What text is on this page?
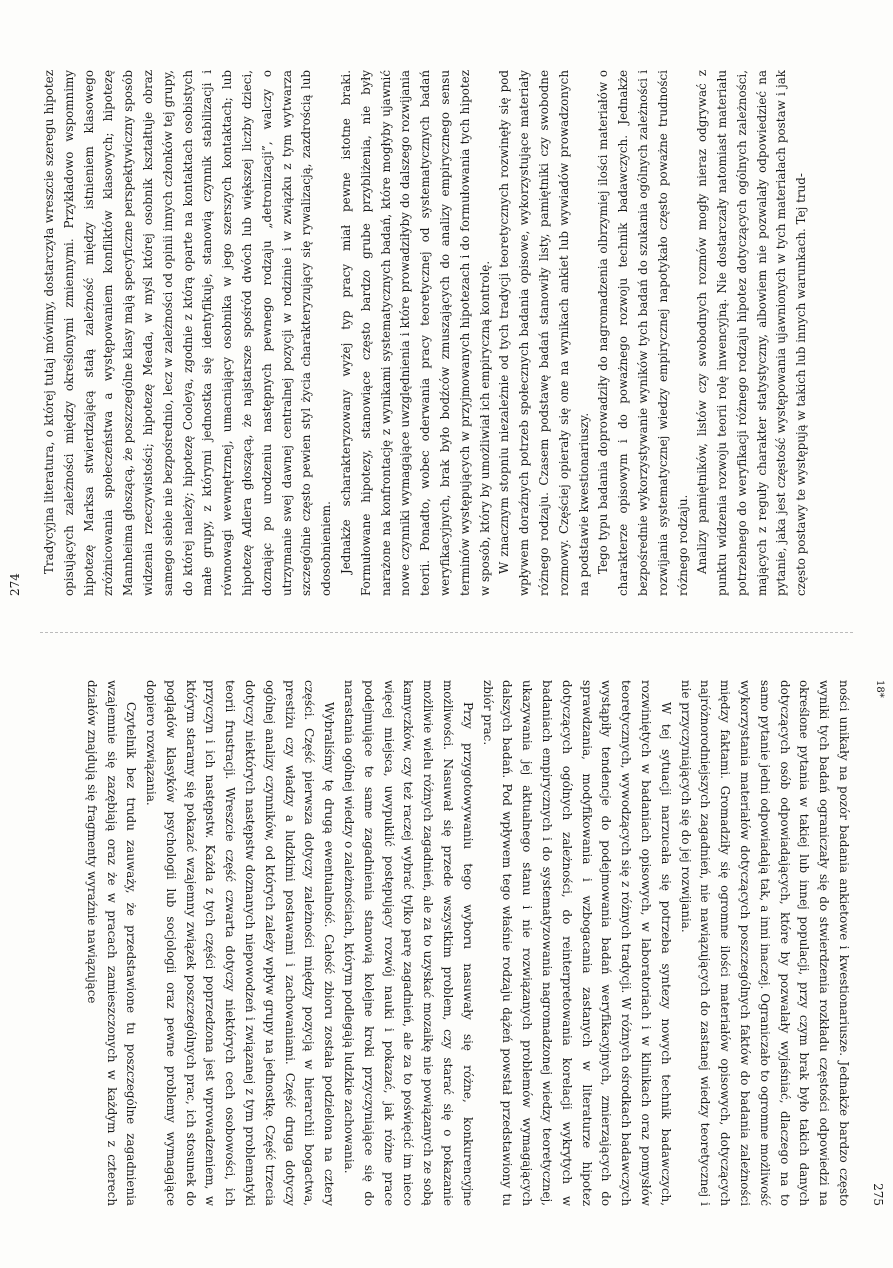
274

Tradycyjna literatura, o której tutaj mówimy, dostarczyła wreszcie szeregu hipotez opisujących zależności między określonymi zmiennymi. Przykładowo wspomnimy hipotezę Marksa stwierdzającą stałą zależność między istnieniem klasowego zróżnicowania społeczeństwa a występowaniem konfliktów klasowych; hipotezę Mannheima głoszącą, że poszczególne klasy mają specyficzne perspektywiczny sposób widzenia rzeczywistości; hipotezę Meada, w myśl której osobnik kształtuje obraz samego siebie nie bezpośrednio, lecz w zależności od opinii innych członków tej grupy, do której należy; hipotezę Cooleya, zgodnie z którą oparte na kontaktach osobistych małe grupy, z którymi jednostka się identyfikuje, stanowią czynnik stabilizacji i równowagi wewnętrznej, umacniający osobnika w jego szerszych kontaktach; lub hipotezę Adlera głoszącą, że najstarsze spośród dwóch lub większej liczby dzieci, doznając po urodzeniu następnych pewnego rodzaju „detronizacji”, walczy o utrzymanie swej dawnej centralnej pozycji w rodzinie i w związku z tym wytwarza szczególnie często pewien styl życia charakteryzujący się rywalizacją, zazdrością lub odosobnieniem. Jednakże scharakteryzowany wyżej typ pracy miał pewne istotne braki. Formułowane hipotezy, stanowiące często bardzo grube przybliżenia, nie były narażone na konfrontację z wynikami systematycznych badań, które mogłyby ujawnić nowe czynniki wymagające uwzględnienia i które prowadziłyby do dalszego rozwijania teorii. Ponadto, wobec oderwania pracy teoretycznej od systematycznych badań weryfikacyjnych, brak było bodźców zmuszających do analizy empirycznego sensu terminów występujących w przyjmowanych hipotezach i do formułowania tych hipotez w sposób, który by umożliwiał ich empiryczną kontrolę. W znacznym stopniu niezależnie od tych tradycji teoretycznych rozwinęły się pod wpływem doraźnych potrzeb społecznych badania opisowe, wykorzystujące materiały różnego rodzaju. Czasem podstawę badań stanowiły listy, pamiętniki czy swobodne rozmowy. Częściej opierały się one na wynikach ankiet lub wywiadów prowadzonych na podstawie kwestionariuszy. Tego typu badania doprowadziły do nagromadzenia olbrzymiej ilości materiałów o charakterze opisowym i do poważnego rozwoju technik badawczych. Jednakże bezpośrednie wykorzystywanie wyników tych badań do szukania ogólnych zależności i rozwijania systematycznej wiedzy empirycznej napotykało często poważne trudności różnego rodzaju. Analizy pamiętników, listów czy swobodnych rozmów mogły nieraz odgrywać z punktu widzenia rozwoju teorii rolę inwencyjną. Nie dostarczały natomiast materiału potrzebnego do weryfikacji różnego rodzaju hipotez dotyczących ogólnych zależności, mających z reguły charakter statystyczny, albowiem nie pozwalały odpowiedzieć na pytanie, jaka jest częstość występowania ujawnionych w tych materiałach postaw i jak często postawy te występują w takich lub innych warunkach. Tej trud-

18*
275

ności unikały na pozór badania ankietowe i kwestionariusze. Jednakże bardzo często wyniki tych badań ograniczały się do stwierdzenia rozkładu częstości odpowiedzi na określone pytania w takiej lub innej populacji, przy czym brak było takich danych dotyczących osób odpowiadających, które by pozwalały wyjaśniać, dlaczego na to samo pytanie jedni odpowiadają tak, a inni inaczej. Ograniczało to ogromne możliwość wykorzystania materiałów dotyczących poszczególnych faktów do badania zależności między faktami. Gromadziły się ogromne ilości materiałów opisowych, dotyczących najróżnorodniejszych zagadnień, nie nawiązujących do zastanej wiedzy teoretycznej i nie przyczyniających się do jej rozwijania.

W tej sytuacji narzucała się potrzeba syntezy nowych technik badawczych, rozwiniętych w badaniach opisowych, w laboratoriach i w klinikach oraz pomysłów teoretycznych, wywodzących się z różnych tradycji. W różnych ośrodkach badawczych wystąpiły tendencje do podejmowania badań weryfikacyjnych, zmierzających do sprawdzania, modyfikowania i wzbogacania zastanych w literaturze hipotez dotyczących ogólnych zależności, do reinterpretowania korelacji wykrytych w badaniach empirycznych i do systematyzowania nagromadzonej wiedzy teoretycznej, ukazywania jej aktualnego stanu i nie rozwiązanych problemów wymagających dalszych badań. Pod wpływem tego właśnie rodzaju dążeń powstał przedstawiony tu zbiór prac.

Przy przygotowywaniu tego wyboru nasuwały się różne, konkurencyjne możliwości. Nasuwał się przede wszystkim problem, czy starać się o pokazanie możliwie wielu różnych zagadnień, ale za to uzyskać mozaikę nie powiązanych ze sobą kamyczków, czy też raczej wybrać tylko parę zagadnień, ale za to poświęcić im nieco więcej miejsca, uwypuklić postępujący rozwój nauki i pokazać, jak różne prace podejmujące te same zagadnienia stanowią kolejne kroki przyczyniające się do narastania ogólnej wiedzy o zależnościach, którym podlegają ludzkie zachowania.

Wybraliśmy tę drugą ewentualność. Całość zbioru została podzielona na cztery części. Część pierwsza dotyczy zależności między pozycją w hierarchii bogactwa, prestiżu czy władzy a ludzkimi postawami i zachowaniami. Część druga dotyczy ogólnej analizy czynników, od których zależy wpływ grupy na jednostkę. Część trzecia dotyczy niektórych następstw doznanych niepowodzeń i związanej z tym problematyki teorii frustracji. Wreszcie część czwarta dotyczy niektórych cech osobowości, ich przyczyn i ich następstw. Każda z tych części poprzedzona jest wprowadzeniem, w którym staramy się pokazać wzajemny związek poszczególnych prac, ich stosunek do poglądów klasyków psychologii lub socjologii oraz pewne problemy wymagające dopiero rozwiązania.

Czytelnik bez trudu zauważy, że przedstawione tu poszczególne zagadnienia wzajemnie się zazębiają oraz że w pracach zamieszczonych w każdym z czterech działów znajdują się fragmenty wyraźnie nawiązujące
